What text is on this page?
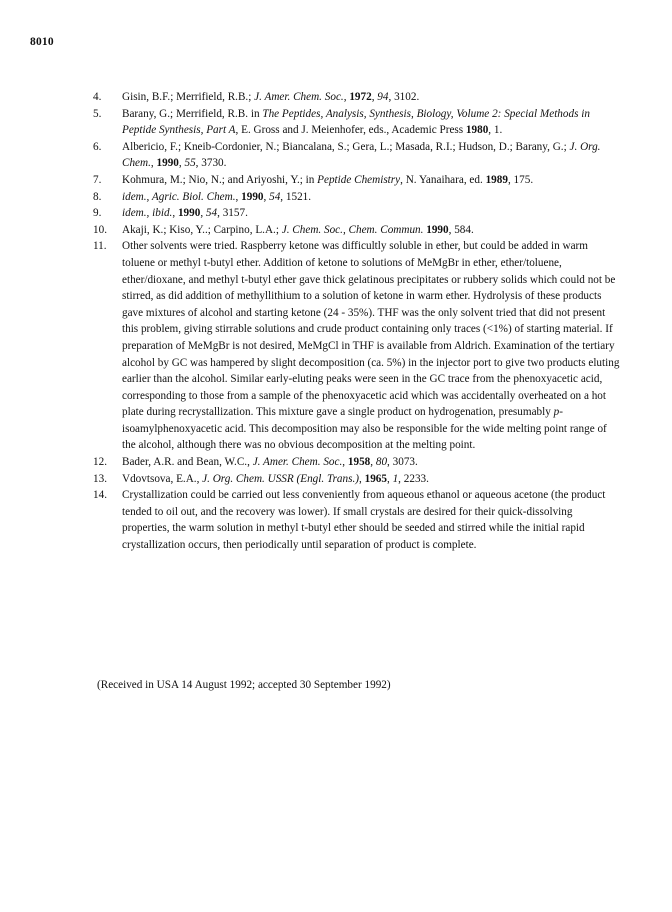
8010
4. Gisin, B.F.; Merrifield, R.B.; J. Amer. Chem. Soc., 1972, 94, 3102.
5. Barany, G.; Merrifield, R.B. in The Peptides, Analysis, Synthesis, Biology, Volume 2: Special Methods in Peptide Synthesis, Part A, E. Gross and J. Meienhofer, eds., Academic Press 1980, 1.
6. Albericio, F.; Kneib-Cordonier, N.; Biancalana, S.; Gera, L.; Masada, R.I.; Hudson, D.; Barany, G.; J. Org. Chem., 1990, 55, 3730.
7. Kohmura, M.; Nio, N.; and Ariyoshi, Y.; in Peptide Chemistry, N. Yanaihara, ed. 1989, 175.
8. idem., Agric. Biol. Chem., 1990, 54, 1521.
9. idem., ibid., 1990, 54, 3157.
10. Akaji, K.; Kiso, Y..; Carpino, L.A.; J. Chem. Soc., Chem. Commun. 1990, 584.
11. Other solvents were tried. Raspberry ketone was difficultly soluble in ether, but could be added in warm toluene or methyl t-butyl ether. Addition of ketone to solutions of MeMgBr in ether, ether/toluene, ether/dioxane, and methyl t-butyl ether gave thick gelatinous precipitates or rubbery solids which could not be stirred, as did addition of methyllithium to a solution of ketone in warm ether. Hydrolysis of these products gave mixtures of alcohol and starting ketone (24 - 35%). THF was the only solvent tried that did not present this problem, giving stirrable solutions and crude product containing only traces (<1%) of starting material. If preparation of MeMgBr is not desired, MeMgCl in THF is available from Aldrich. Examination of the tertiary alcohol by GC was hampered by slight decomposition (ca. 5%) in the injector port to give two products eluting earlier than the alcohol. Similar early-eluting peaks were seen in the GC trace from the phenoxyacetic acid, corresponding to those from a sample of the phenoxyacetic acid which was accidentally overheated on a hot plate during recrystallization. This mixture gave a single product on hydrogenation, presumably p-isoamylphenoxyacetic acid. This decomposition may also be responsible for the wide melting point range of the alcohol, although there was no obvious decomposition at the melting point.
12. Bader, A.R. and Bean, W.C., J. Amer. Chem. Soc., 1958, 80, 3073.
13. Vdovtsova, E.A., J. Org. Chem. USSR (Engl. Trans.), 1965, 1, 2233.
14. Crystallization could be carried out less conveniently from aqueous ethanol or aqueous acetone (the product tended to oil out, and the recovery was lower). If small crystals are desired for their quick-dissolving properties, the warm solution in methyl t-butyl ether should be seeded and stirred while the initial rapid crystallization occurs, then periodically until separation of product is complete.
(Received in USA 14 August 1992; accepted 30 September 1992)
